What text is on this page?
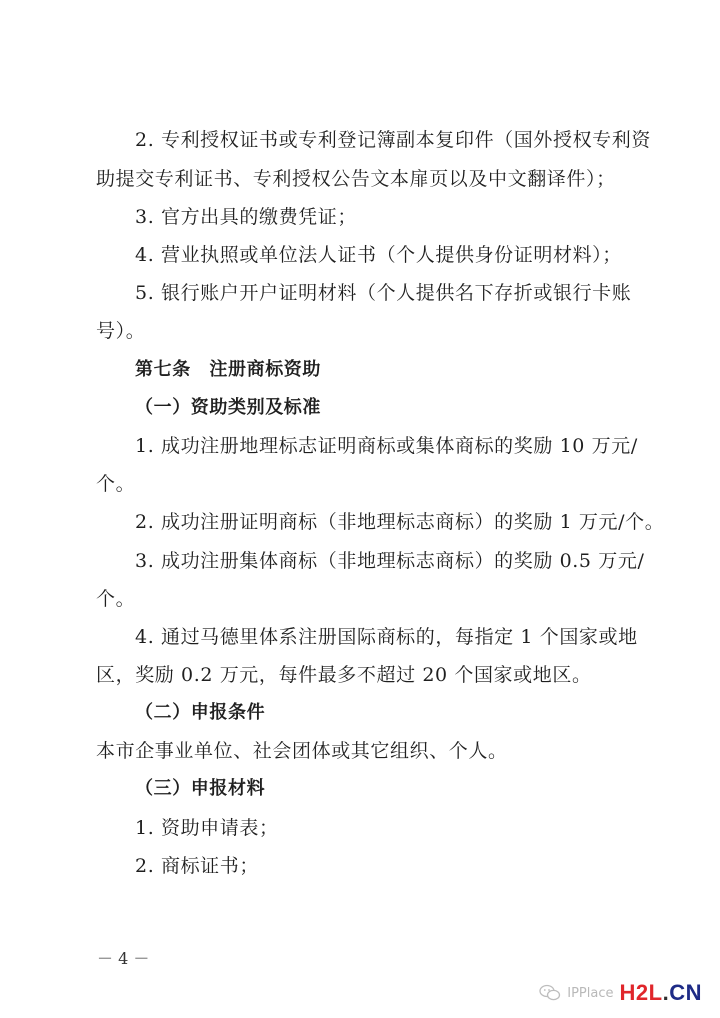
2. 专利授权证书或专利登记簿副本复印件（国外授权专利资
助提交专利证书、专利授权公告文本扉页以及中文翻译件）；
3. 官方出具的缴费凭证；
4. 营业执照或单位法人证书（个人提供身份证明材料）；
5. 银行账户开户证明材料（个人提供名下存折或银行卡账
号）。
第七条　注册商标资助
（一）资助类别及标准
1. 成功注册地理标志证明商标或集体商标的奖励 10 万元/
个。
2. 成功注册证明商标（非地理标志商标）的奖励 1 万元/个。
3. 成功注册集体商标（非地理标志商标）的奖励 0.5 万元/
个。
4. 通过马德里体系注册国际商标的，每指定 1 个国家或地
区，奖励 0.2 万元，每件最多不超过 20 个国家或地区。
（二）申报条件
本市企事业单位、社会团体或其它组织、个人。
（三）申报材料
1. 资助申请表；
2. 商标证书；
－ 4 －
IPPlace H2L.CN
